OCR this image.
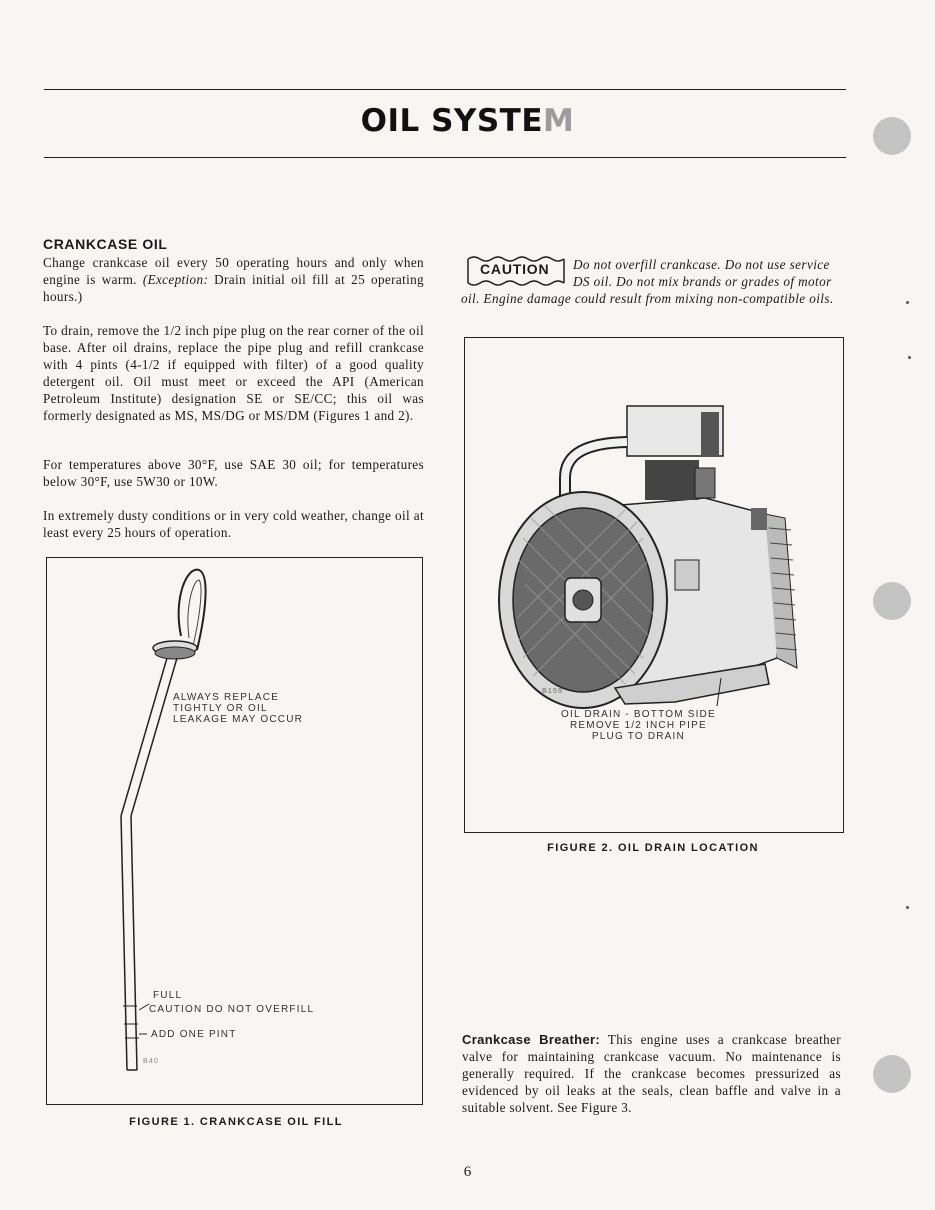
OIL SYSTEM
CRANKCASE OIL

Change crankcase oil every 50 operating hours and only when engine is warm. (Exception: Drain initial oil fill at 25 operating hours.)

To drain, remove the 1/2 inch pipe plug on the rear corner of the oil base. After oil drains, replace the pipe plug and refill crankcase with 4 pints (4-1/2 if equipped with filter) of a good quality detergent oil. Oil must meet or exceed the API (American Petroleum Institute) designation SE or SE/CC; this oil was formerly designated as MS, MS/DG or MS/DM (Figures 1 and 2).

For temperatures above 30°F, use SAE 30 oil; for temperatures below 30°F, use 5W30 or 10W.

In extremely dusty conditions or in very cold weather, change oil at least every 25 hours of operation.

ALWAYS REPLACE
TIGHTLY OR OIL
LEAKAGE MAY OCCUR
FULL
CAUTION DO NOT OVERFILL
ADD ONE PINT
B40
FIGURE 1. CRANKCASE OIL FILL
CAUTION	Do not overfill crankcase. Do not use service DS oil. Do not mix brands or grades of motor oil. Engine damage could result from mixing non-compatible oils.

B159
OIL DRAIN - BOTTOM SIDE
REMOVE 1/2 INCH PIPE
PLUG TO DRAIN
FIGURE 2. OIL DRAIN LOCATION

Crankcase Breather: This engine uses a crankcase breather valve for maintaining crankcase vacuum. No maintenance is generally required. If the crankcase becomes pressurized as evidenced by oil leaks at the seals, clean baffle and valve in a suitable solvent. See Figure 3.

6
